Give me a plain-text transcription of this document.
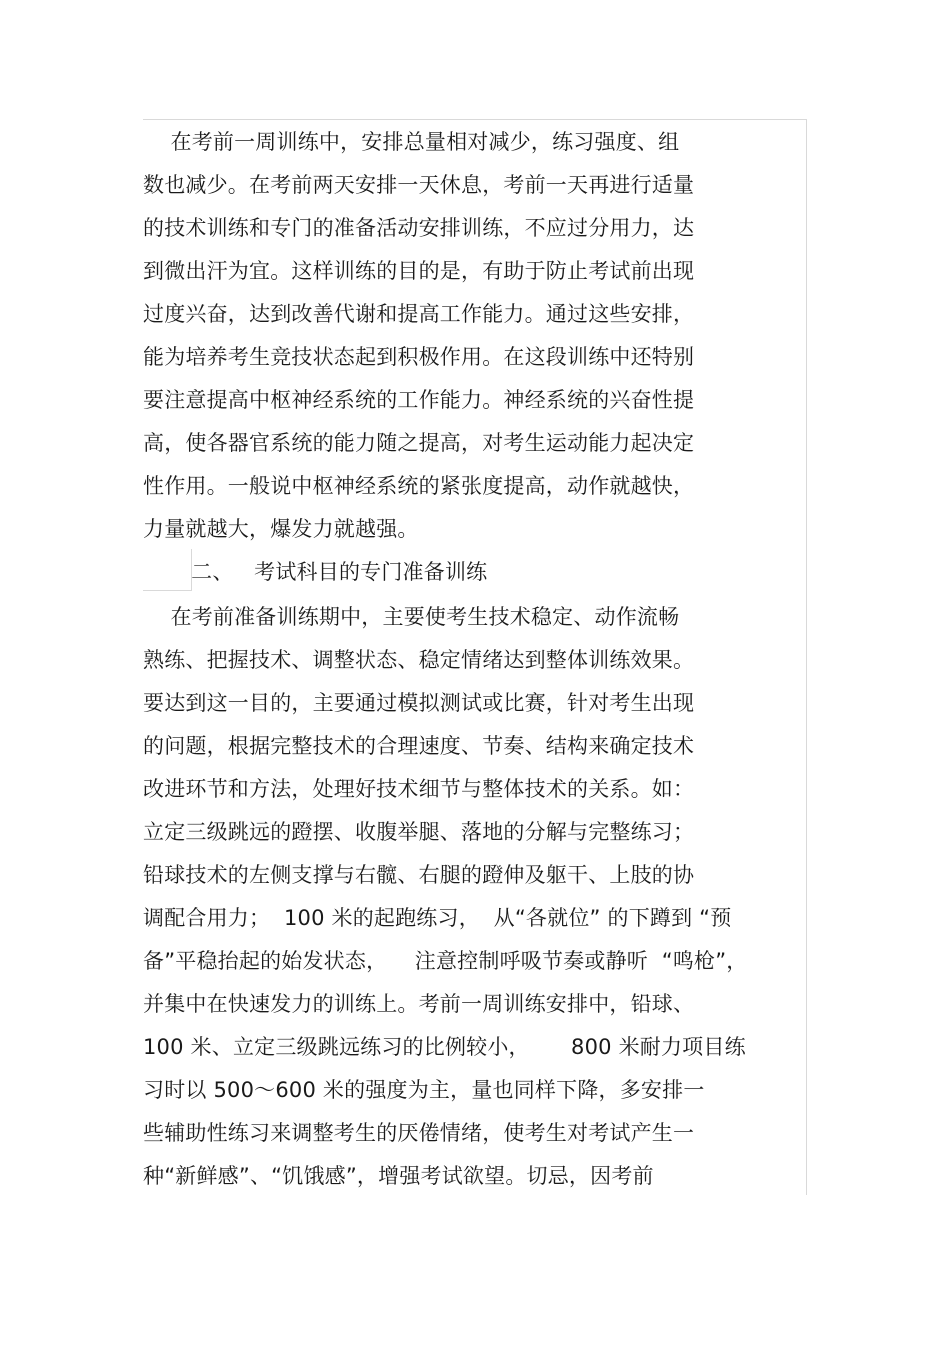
在考前一周训练中，安排总量相对减少，练习强度、组
数也减少。在考前两天安排一天休息，考前一天再进行适量
的技术训练和专门的准备活动安排训练，不应过分用力，达
到微出汗为宜。这样训练的目的是，有助于防止考试前出现
过度兴奋，达到改善代谢和提高工作能力。通过这些安排，
能为培养考生竞技状态起到积极作用。在这段训练中还特别
要注意提高中枢神经系统的工作能力。神经系统的兴奋性提
高，使各器官系统的能力随之提高，对考生运动能力起决定
性作用。一般说中枢神经系统的紧张度提高，动作就越快，
力量就越大，爆发力就越强。
二、   考试科目的专门准备训练
在考前准备训练期中，主要使考生技术稳定、动作流畅
熟练、把握技术、调整状态、稳定情绪达到整体训练效果。
要达到这一目的，主要通过模拟测试或比赛，针对考生出现
的问题，根据完整技术的合理速度、节奏、结构来确定技术
改进环节和方法，处理好技术细节与整体技术的关系。如：
立定三级跳远的蹬摆、收腹举腿、落地的分解与完整练习；
铅球技术的左侧支撑与右髋、右腿的蹬伸及躯干、上肢的协
调配合用力；  100 米的起跑练习，  从“各就位” 的下蹲到 “预
备”平稳抬起的始发状态，    注意控制呼吸节奏或静听  “鸣枪”，
并集中在快速发力的训练上。考前一周训练安排中，铅球、
100 米、立定三级跳远练习的比例较小，      800 米耐力项目练
习时以 500～600 米的强度为主，量也同样下降，多安排一
些辅助性练习来调整考生的厌倦情绪，使考生对考试产生一
种“新鲜感”、“饥饿感”，增强考试欲望。切忌，因考前
